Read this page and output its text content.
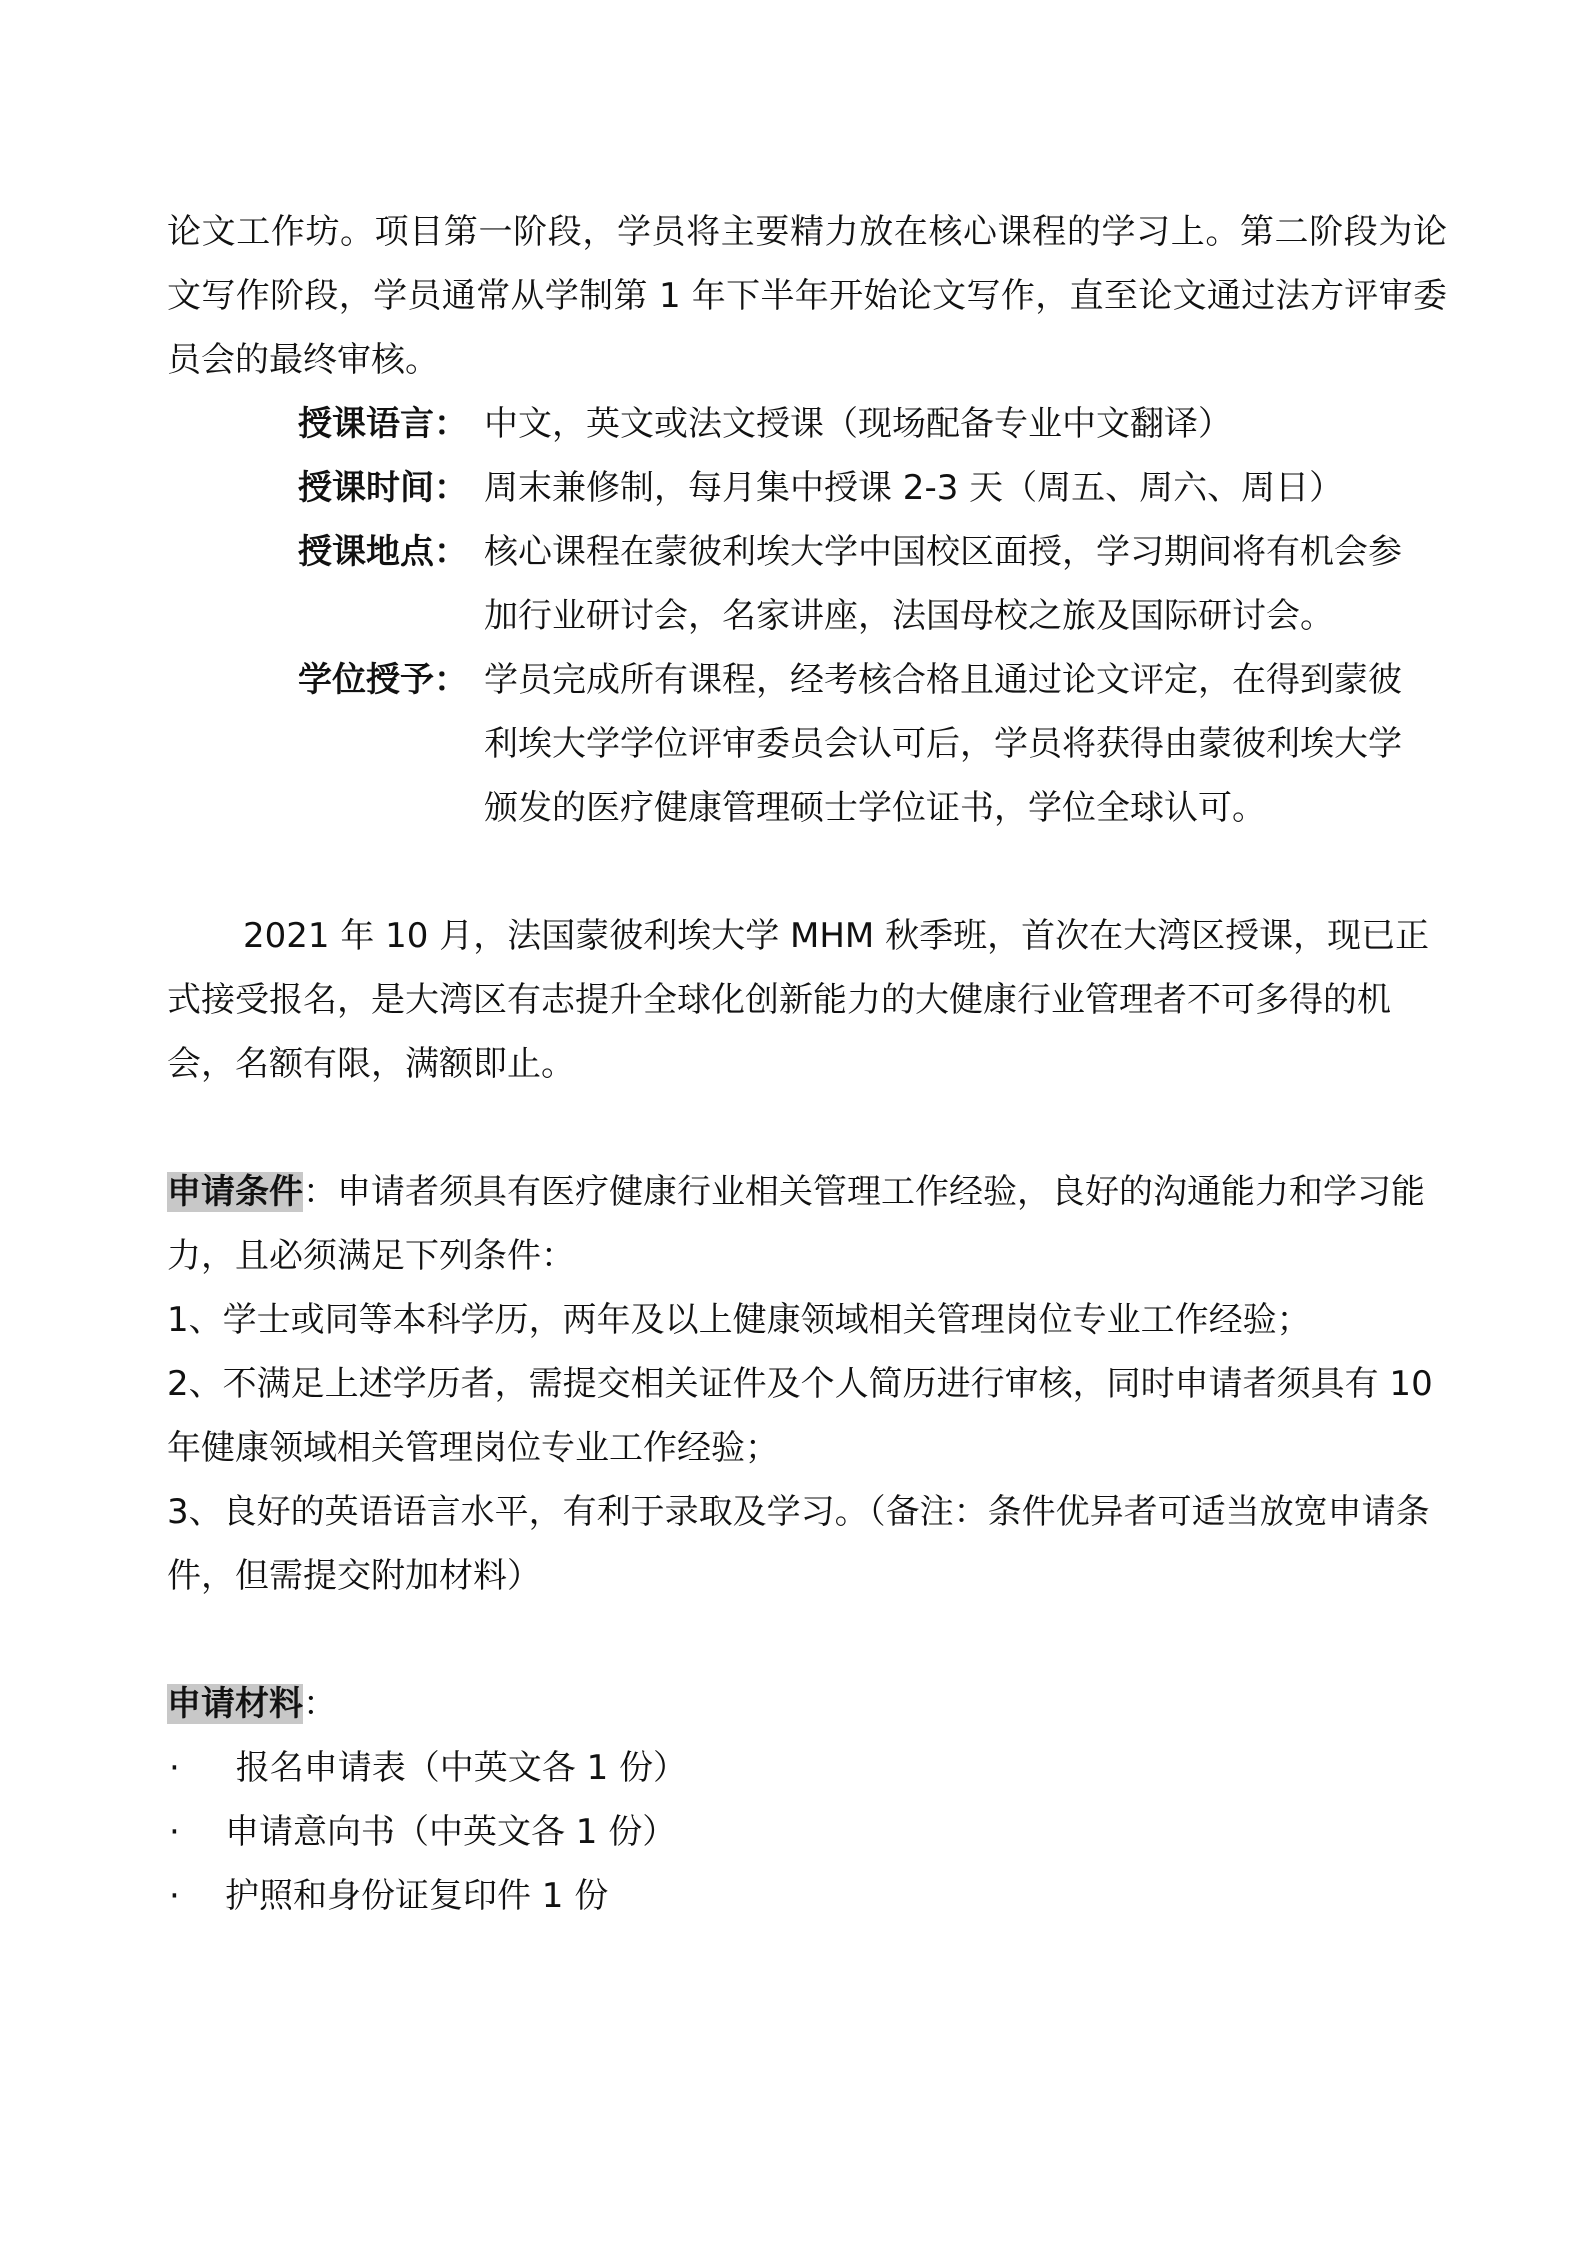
论文工作坊。项目第一阶段，学员将主要精力放在核心课程的学习上。第二阶段为论文写作阶段，学员通常从学制第 1 年下半年开始论文写作，直至论文通过法方评审委员会的最终审核。

授课语言： 中文，英文或法文授课（现场配备专业中文翻译）
授课时间： 周末兼修制，每月集中授课 2-3 天（周五、周六、周日）
授课地点： 核心课程在蒙彼利埃大学中国校区面授，学习期间将有机会参加行业研讨会，名家讲座，法国母校之旅及国际研讨会。
学位授予： 学员完成所有课程，经考核合格且通过论文评定，在得到蒙彼利埃大学学位评审委员会认可后，学员将获得由蒙彼利埃大学颁发的医疗健康管理硕士学位证书，学位全球认可。

2021 年 10 月，法国蒙彼利埃大学 MHM 秋季班，首次在大湾区授课，现已正式接受报名，是大湾区有志提升全球化创新能力的大健康行业管理者不可多得的机会，名额有限，满额即止。

申请条件：申请者须具有医疗健康行业相关管理工作经验，良好的沟通能力和学习能力，且必须满足下列条件：

1、学士或同等本科学历，两年及以上健康领域相关管理岗位专业工作经验；

2、不满足上述学历者，需提交相关证件及个人简历进行审核，同时申请者须具有 10 年健康领域相关管理岗位专业工作经验；

3、良好的英语语言水平，有利于录取及学习。（备注：条件优异者可适当放宽申请条件，但需提交附加材料）

申请材料：

·	报名申请表（中英文各 1 份）
·	申请意向书（中英文各 1 份）
·	护照和身份证复印件 1 份
